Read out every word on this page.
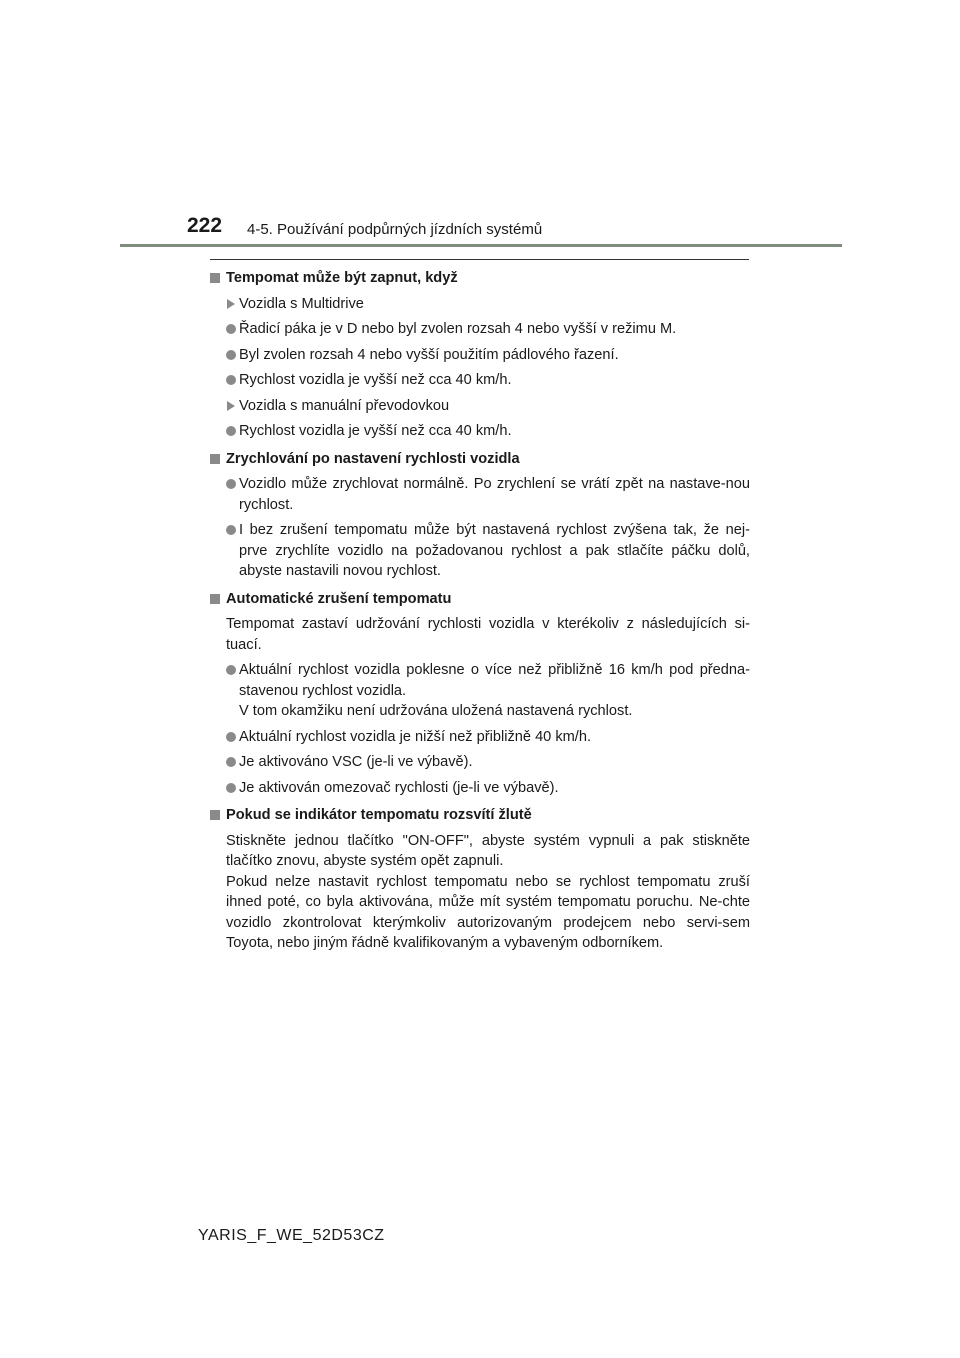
222 4-5. Používání podpůrných jízdních systémů
Tempomat může být zapnut, když
Vozidla s Multidrive
Řadicí páka je v D nebo byl zvolen rozsah 4 nebo vyšší v režimu M.
Byl zvolen rozsah 4 nebo vyšší použitím pádlového řazení.
Rychlost vozidla je vyšší než cca 40 km/h.
Vozidla s manuální převodovkou
Rychlost vozidla je vyšší než cca 40 km/h.
Zrychlování po nastavení rychlosti vozidla
Vozidlo může zrychlovat normálně. Po zrychlení se vrátí zpět na nastave-nou rychlost.
I bez zrušení tempomatu může být nastavená rychlost zvýšena tak, že nej-prve zrychlíte vozidlo na požadovanou rychlost a pak stlačíte páčku dolů, abyste nastavili novou rychlost.
Automatické zrušení tempomatu
Tempomat zastaví udržování rychlosti vozidla v kterékoliv z následujících si-tuací.
Aktuální rychlost vozidla poklesne o více než přibližně 16 km/h pod předna-stavenou rychlost vozidla.
V tom okamžiku není udržována uložená nastavená rychlost.
Aktuální rychlost vozidla je nižší než přibližně 40 km/h.
Je aktivováno VSC (je-li ve výbavě).
Je aktivován omezovač rychlosti (je-li ve výbavě).
Pokud se indikátor tempomatu rozsvítí žlutě
Stiskněte jednou tlačítko "ON-OFF", abyste systém vypnuli a pak stiskněte tlačítko znovu, abyste systém opět zapnuli.
Pokud nelze nastavit rychlost tempomatu nebo se rychlost tempomatu zruší ihned poté, co byla aktivována, může mít systém tempomatu poruchu. Ne-chte vozidlo zkontrolovat kterýmkoliv autorizovaným prodejcem nebo servi-sem Toyota, nebo jiným řádně kvalifikovaným a vybaveným odborníkem.
YARIS_F_WE_52D53CZ
